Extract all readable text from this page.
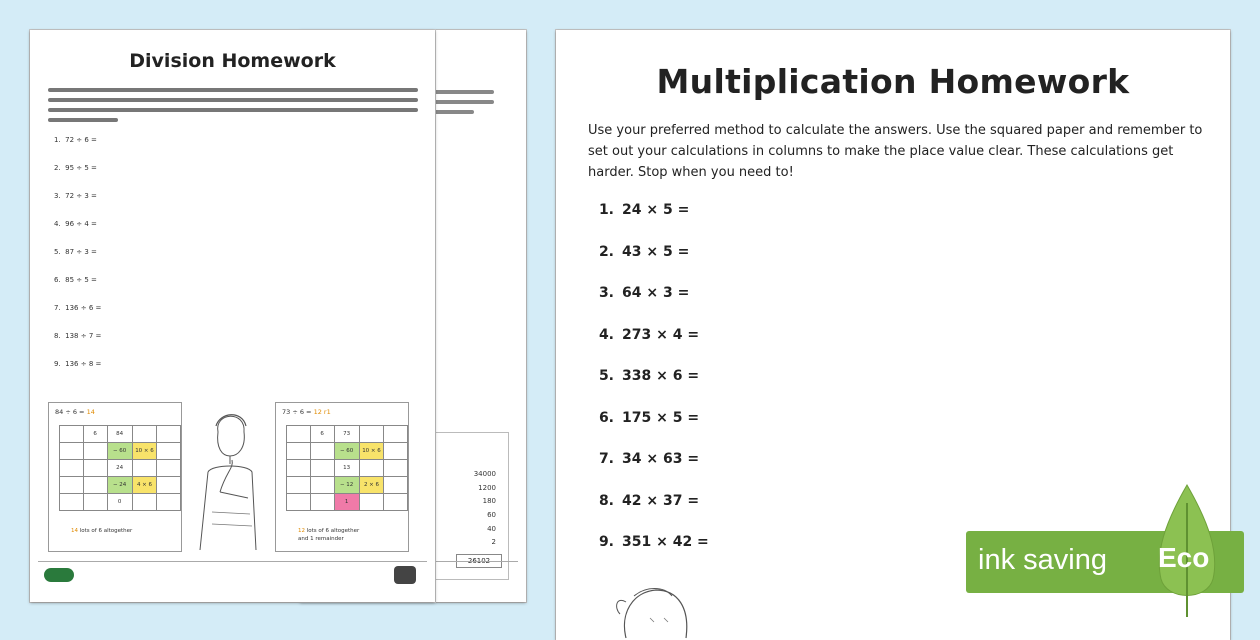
34000
1200
180
60
40
2
26102
Division Homework
1. 72 ÷ 6 =
2. 95 ÷ 5 =
3. 72 ÷ 3 =
4. 96 ÷ 4 =
5. 87 ÷ 3 =
6. 85 ÷ 5 =
7. 136 ÷ 6 =
8. 138 ÷ 7 =
9. 136 ÷ 8 =
84 ÷ 6 = 14
	6	84		
		− 60	10 × 6	
		24		
		− 24	4 × 6	
		0		
14 lots of 6 altogether
73 ÷ 6 = 12 r1
	6	73		
		− 60	10 × 6	
		13		
		− 12	2 × 6	
		1		
12 lots of 6 altogether
and 1 remainder
Multiplication Homework
Use your preferred method to calculate the answers. Use the squared paper and remember to set out your calculations in columns to make the place value clear. These calculations get harder. Stop when you need to!
1. 24 × 5 =
2. 43 × 5 =
3. 64 × 3 =
4. 273 × 4 =
5. 338 × 6 =
6. 175 × 5 =
7. 34 × 63 =
8. 42 × 37 =
9. 351 × 42 =
ink saving Eco
